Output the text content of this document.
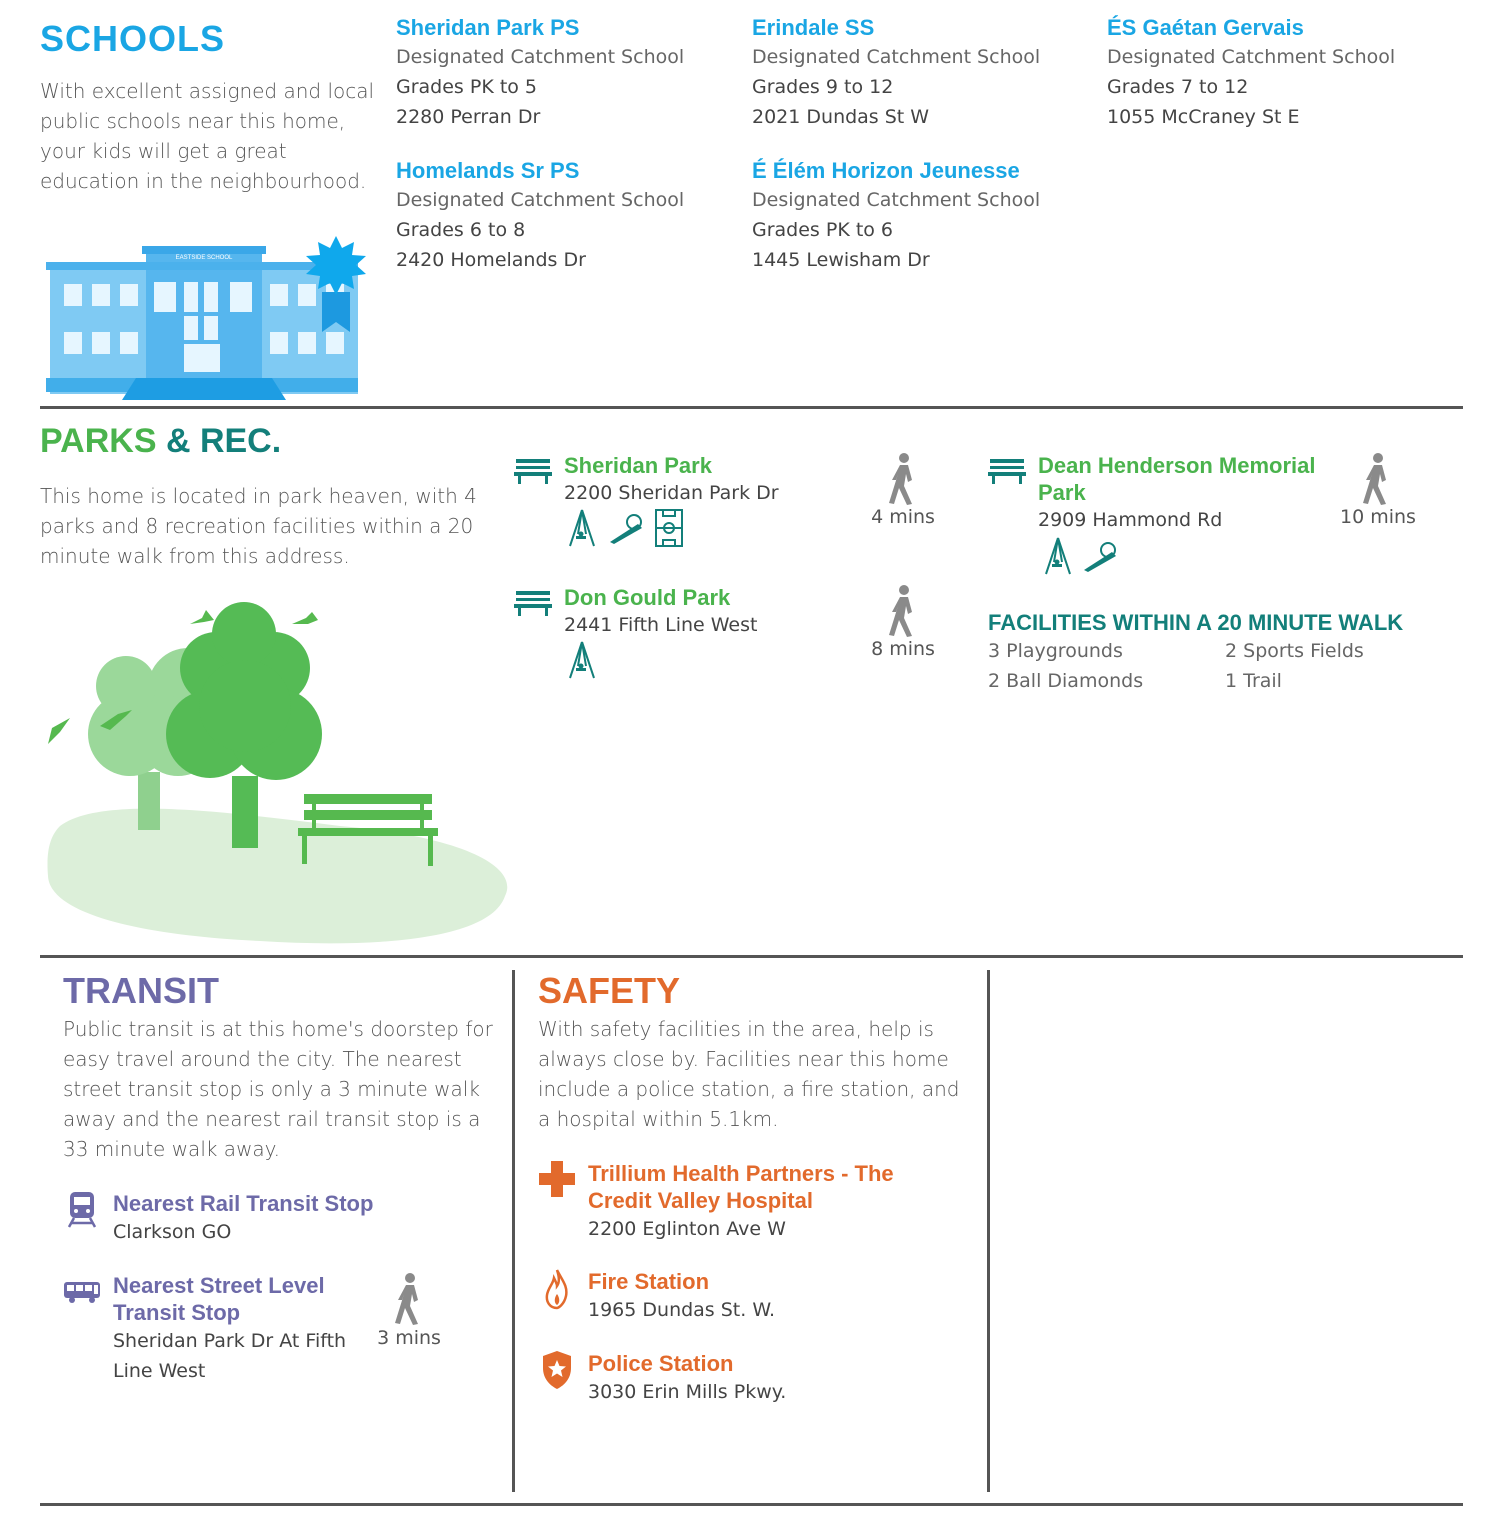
SCHOOLS
With excellent assigned and local public schools near this home, your kids will get a great education in the neighbourhood.
Sheridan Park PS
Designated Catchment School
Grades PK to 5
2280 Perran Dr
Erindale SS
Designated Catchment School
Grades 9 to 12
2021 Dundas St W
ÉS Gaétan Gervais
Designated Catchment School
Grades 7 to 12
1055 McCraney St E
Homelands Sr PS
Designated Catchment School
Grades 6 to 8
2420 Homelands Dr
É Élém Horizon Jeunesse
Designated Catchment School
Grades PK to 6
1445 Lewisham Dr
EASTSIDE SCHOOL
PARKS & REC.
This home is located in park heaven, with 4 parks and 8 recreation facilities within a 20 minute walk from this address.
Sheridan Park
2200 Sheridan Park Dr
4 mins
Don Gould Park
2441 Fifth Line West
8 mins
Dean Henderson Memorial
Park
2909 Hammond Rd	10 mins
FACILITIES WITHIN A 20 MINUTE WALK
3 Playgrounds	2 Sports Fields
2 Ball Diamonds	1 Trail
TRANSIT
Public transit is at this home's doorstep for easy travel around the city. The nearest street transit stop is only a 3 minute walk away and the nearest rail transit stop is a 33 minute walk away.
Nearest Rail Transit Stop
Clarkson GO
Nearest Street Level
Transit Stop
Sheridan Park Dr At Fifth
Line West
3 mins
SAFETY
With safety facilities in the area, help is always close by. Facilities near this home include a police station, a fire station, and a hospital within 5.1km.
Trillium Health Partners - The
Credit Valley Hospital
2200 Eglinton Ave W
Fire Station
1965 Dundas St. W.
Police Station
3030 Erin Mills Pkwy.
